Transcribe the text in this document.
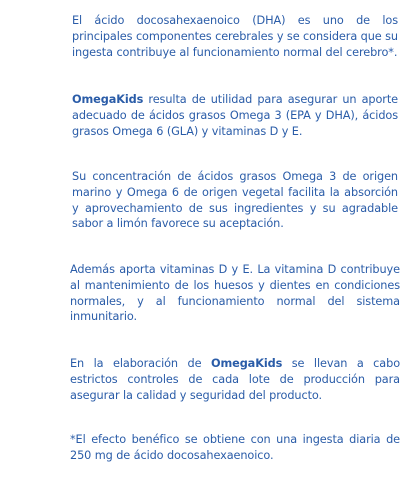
El ácido docosahexaenoico (DHA) es uno de los principales componentes cerebrales y se considera que su ingesta contribuye al funcionamiento normal del cerebro*.

OmegaKids resulta de utilidad para asegurar un aporte adecuado de ácidos grasos Omega 3 (EPA y DHA), ácidos grasos Omega 6 (GLA) y vitaminas D y E.

Su concentración de ácidos grasos Omega 3 de origen marino y Omega 6 de origen vegetal facilita la absorción y aprovechamiento de sus ingredientes y su agradable sabor a limón favorece su aceptación.

Además aporta vitaminas D y E. La vitamina D contribuye al mantenimiento de los huesos y dientes en condiciones normales, y al funcionamiento normal del sistema inmunitario.

En la elaboración de OmegaKids se llevan a cabo estrictos controles de cada lote de producción para asegurar la calidad y seguridad del producto.

*El efecto benéfico se obtiene con una ingesta diaria de 250 mg de ácido docosahexaenoico.
